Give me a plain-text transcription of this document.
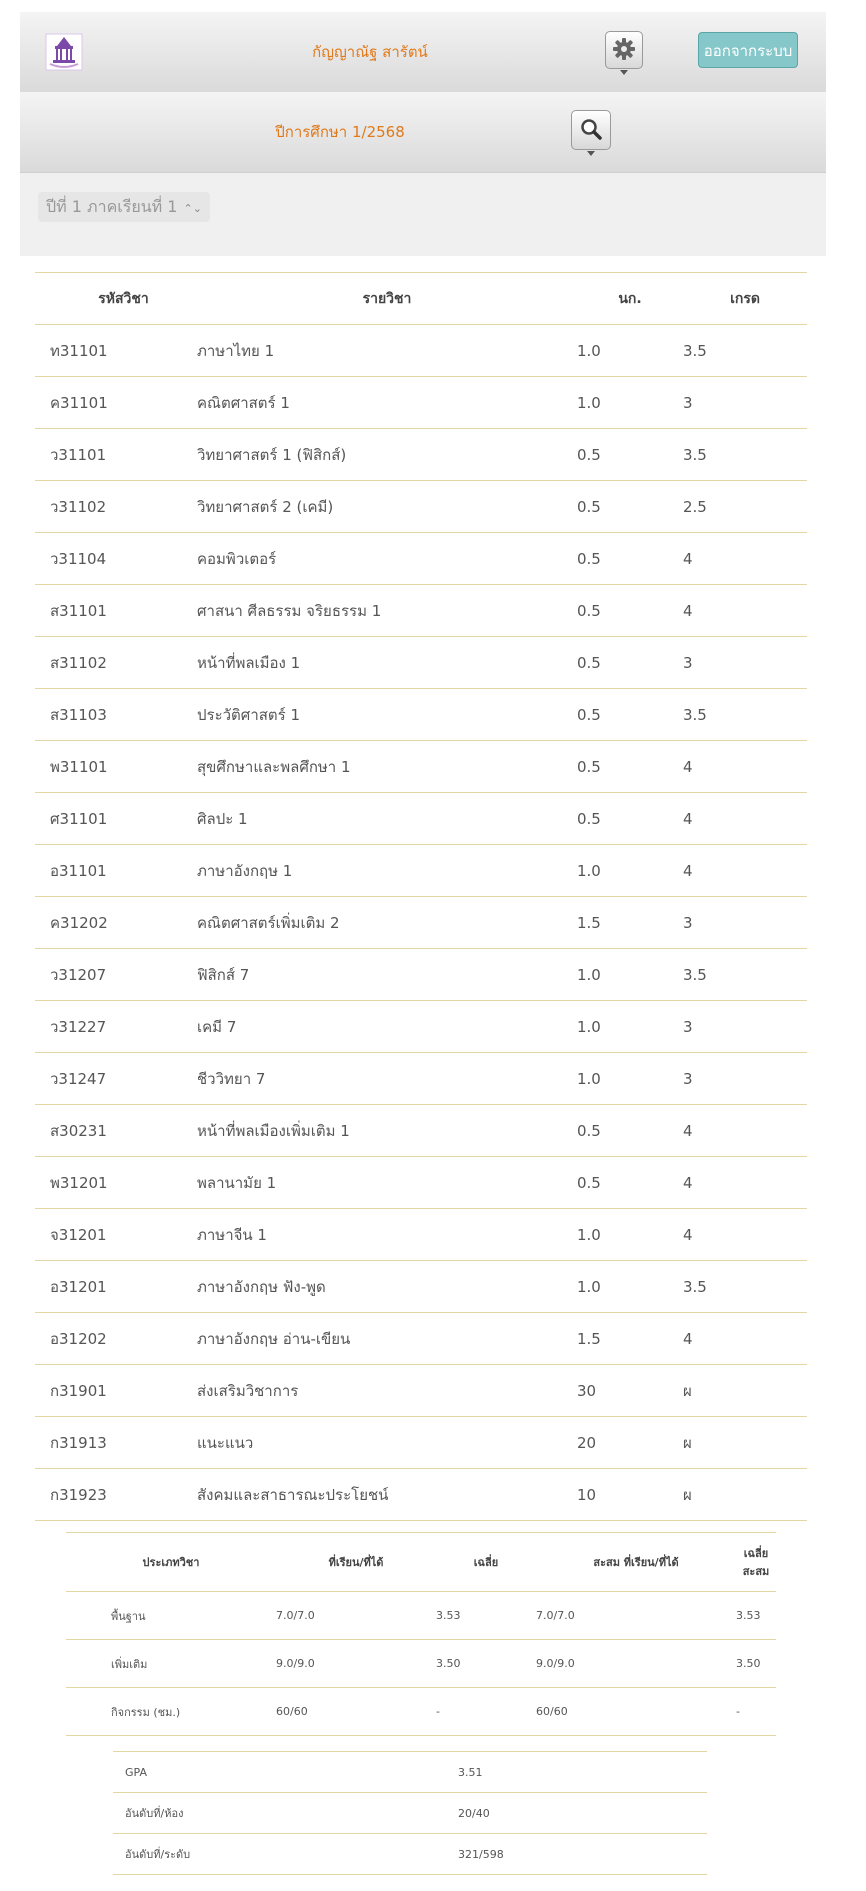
กัญญาณัฐ สารัตน์	ออกจากระบบ
ปีการศึกษา 1/2568
ปีที่ 1 ภาคเรียนที่ 1 ⌃⌄
รหัสวิชา	รายวิชา	นก.	เกรด
ท31101	ภาษาไทย 1	1.0	3.5
ค31101	คณิตศาสตร์ 1	1.0	3
ว31101	วิทยาศาสตร์ 1 (ฟิสิกส์)	0.5	3.5
ว31102	วิทยาศาสตร์ 2 (เคมี)	0.5	2.5
ว31104	คอมพิวเตอร์	0.5	4
ส31101	ศาสนา ศีลธรรม จริยธรรม 1	0.5	4
ส31102	หน้าที่พลเมือง 1	0.5	3
ส31103	ประวัติศาสตร์ 1	0.5	3.5
พ31101	สุขศึกษาและพลศึกษา 1	0.5	4
ศ31101	ศิลปะ 1	0.5	4
อ31101	ภาษาอังกฤษ 1	1.0	4
ค31202	คณิตศาสตร์เพิ่มเติม 2	1.5	3
ว31207	ฟิสิกส์ 7	1.0	3.5
ว31227	เคมี 7	1.0	3
ว31247	ชีววิทยา 7	1.0	3
ส30231	หน้าที่พลเมืองเพิ่มเติม 1	0.5	4
พ31201	พลานามัย 1	0.5	4
จ31201	ภาษาจีน 1	1.0	4
อ31201	ภาษาอังกฤษ ฟัง-พูด	1.0	3.5
อ31202	ภาษาอังกฤษ อ่าน-เขียน	1.5	4
ก31901	ส่งเสริมวิชาการ	30	ผ
ก31913	แนะแนว	20	ผ
ก31923	สังคมและสาธารณะประโยชน์	10	ผ
ประเภทวิชา	ที่เรียน/ที่ได้	เฉลี่ย	สะสม ที่เรียน/ที่ได้	เฉลี่ย สะสม
พื้นฐาน	7.0/7.0	3.53	7.0/7.0	3.53
เพิ่มเติม	9.0/9.0	3.50	9.0/9.0	3.50
กิจกรรม (ชม.)	60/60	-	60/60	-
GPA	3.51
อันดับที่/ห้อง	20/40
อันดับที่/ระดับ	321/598
